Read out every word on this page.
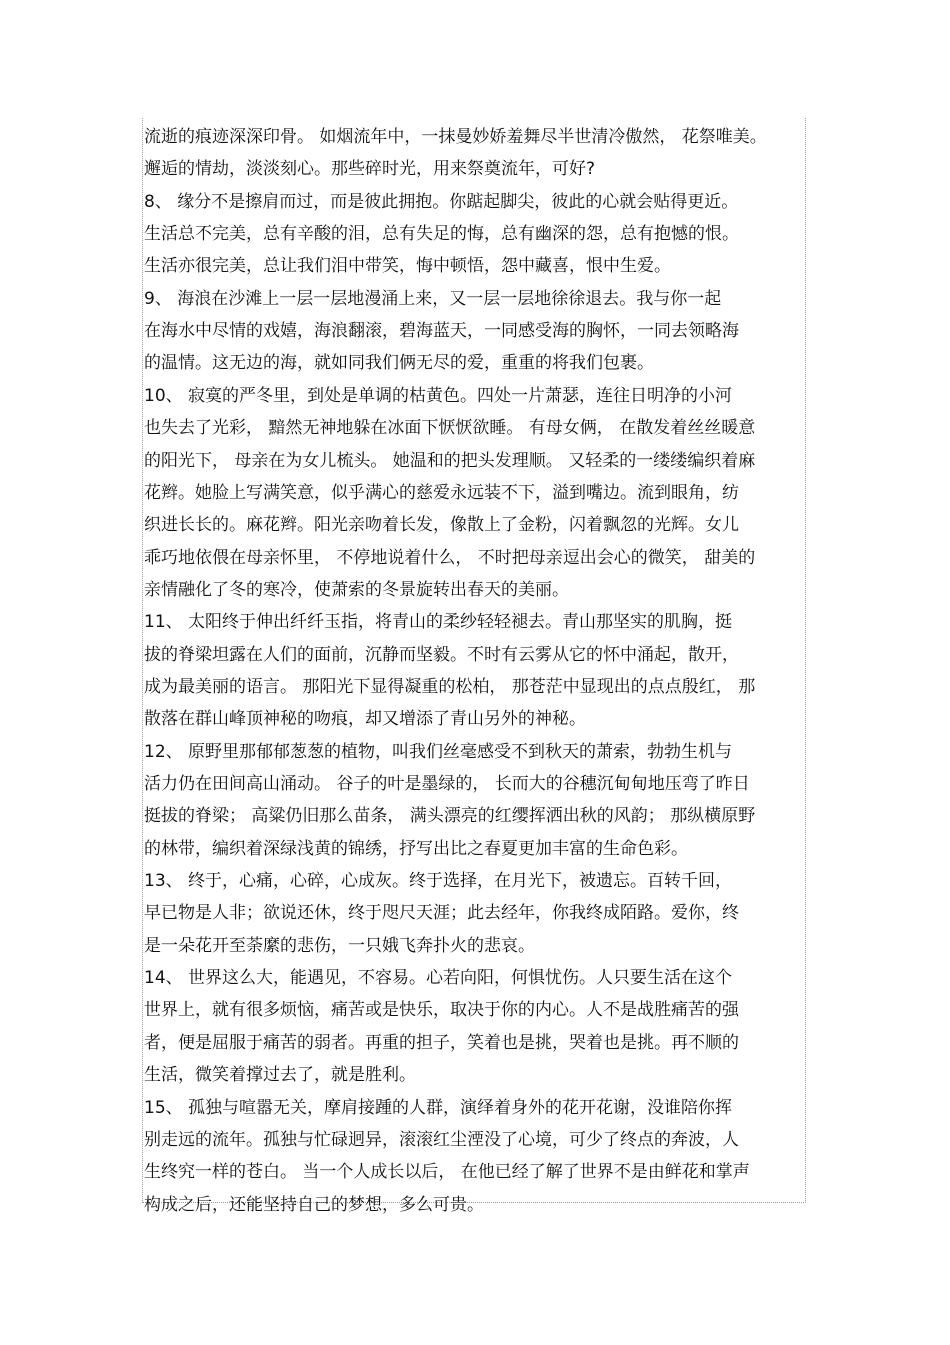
流逝的痕迹深深印骨。 如烟流年中，一抹曼妙娇羞舞尽半世清冷傲然， 花祭唯美。
邂逅的情劫，淡淡刻心。那些碎时光，用来祭奠流年，可好?
8、 缘分不是擦肩而过，而是彼此拥抱。你踮起脚尖，彼此的心就会贴得更近。
生活总不完美，总有辛酸的泪，总有失足的悔，总有幽深的怨，总有抱憾的恨。
生活亦很完美，总让我们泪中带笑，悔中顿悟，怨中藏喜，恨中生爱。
9、 海浪在沙滩上一层一层地漫涌上来，又一层一层地徐徐退去。我与你一起
在海水中尽情的戏嬉，海浪翻滚，碧海蓝天，一同感受海的胸怀，一同去领略海
的温情。这无边的海，就如同我们俩无尽的爱，重重的将我们包裹。
10、 寂寞的严冬里，到处是单调的枯黄色。四处一片萧瑟，连往日明净的小河
也失去了光彩， 黯然无神地躲在冰面下恹恹欲睡。 有母女俩， 在散发着丝丝暖意
的阳光下， 母亲在为女儿梳头。 她温和的把头发理顺。 又轻柔的一缕缕编织着麻
花辫。她脸上写满笑意，似乎满心的慈爱永远装不下，溢到嘴边。流到眼角，纺
织进长长的。麻花辫。阳光亲吻着长发，像散上了金粉，闪着飘忽的光辉。女儿
乖巧地依偎在母亲怀里， 不停地说着什么， 不时把母亲逗出会心的微笑， 甜美的
亲情融化了冬的寒冷，使萧索的冬景旋转出春天的美丽。
11、 太阳终于伸出纤纤玉指，将青山的柔纱轻轻褪去。青山那坚实的肌胸，挺
拔的脊梁坦露在人们的面前，沉静而坚毅。不时有云雾从它的怀中涌起，散开，
成为最美丽的语言。 那阳光下显得凝重的松柏， 那苍茫中显现出的点点殷红， 那
散落在群山峰顶神秘的吻痕，却又增添了青山另外的神秘。
12、 原野里那郁郁葱葱的植物，叫我们丝毫感受不到秋天的萧索，勃勃生机与
活力仍在田间高山涌动。 谷子的叶是墨绿的， 长而大的谷穗沉甸甸地压弯了昨日
挺拔的脊梁； 高粱仍旧那么苗条， 满头漂亮的红缨挥洒出秋的风韵； 那纵横原野
的林带，编织着深绿浅黄的锦绣，抒写出比之春夏更加丰富的生命色彩。
13、 终于，心痛，心碎，心成灰。终于选择，在月光下，被遗忘。百转千回，
早已物是人非；欲说还休，终于咫尺天涯；此去经年，你我终成陌路。爱你，终
是一朵花开至荼縻的悲伤，一只娥飞奔扑火的悲哀。
14、 世界这么大，能遇见，不容易。心若向阳，何惧忧伤。人只要生活在这个
世界上，就有很多烦恼，痛苦或是快乐，取决于你的内心。人不是战胜痛苦的强
者，便是屈服于痛苦的弱者。再重的担子，笑着也是挑，哭着也是挑。再不顺的
生活，微笑着撑过去了，就是胜利。
15、 孤独与喧嚣无关，摩肩接踵的人群，演绎着身外的花开花谢，没谁陪你挥
别走远的流年。孤独与忙碌迥异，滚滚红尘湮没了心境，可少了终点的奔波，人
生终究一样的苍白。 当一个人成长以后， 在他已经了解了世界不是由鲜花和掌声
构成之后，还能坚持自己的梦想，多么可贵。
